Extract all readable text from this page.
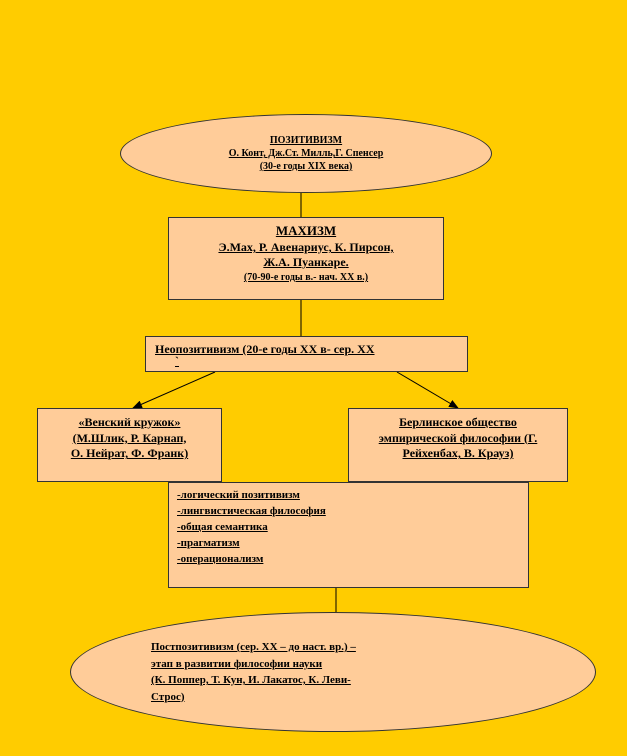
ПОЗИТИВИЗМ
О. Конт, Дж.Ст. Милль,Г. Спенсер
(30-е годы XIX века)
МАХИЗМ
Э.Мах, Р. Авенариус, К. Пирсон,
Ж.А. Пуанкаре.
(70-90-е годы в.- нач. XX в.)
Неопозитивизм (20-е годы XX в- сер. XX
`
«Венский кружок»
(М.Шлик, Р. Карнап,
О. Нейрат, Ф. Франк)
Берлинское общество
эмпирической философии (Г.
Рейхенбах, В. Крауз)
-логический позитивизм
-лингвистическая философия
-общая семантика
-прагматизм
-операционализм
Постпозитивизм (сер. XX – до наст. вр.) –
этап в развитии философии науки
(К. Поппер, Т. Кун, И. Лакатос, К. Леви-
Строс)
